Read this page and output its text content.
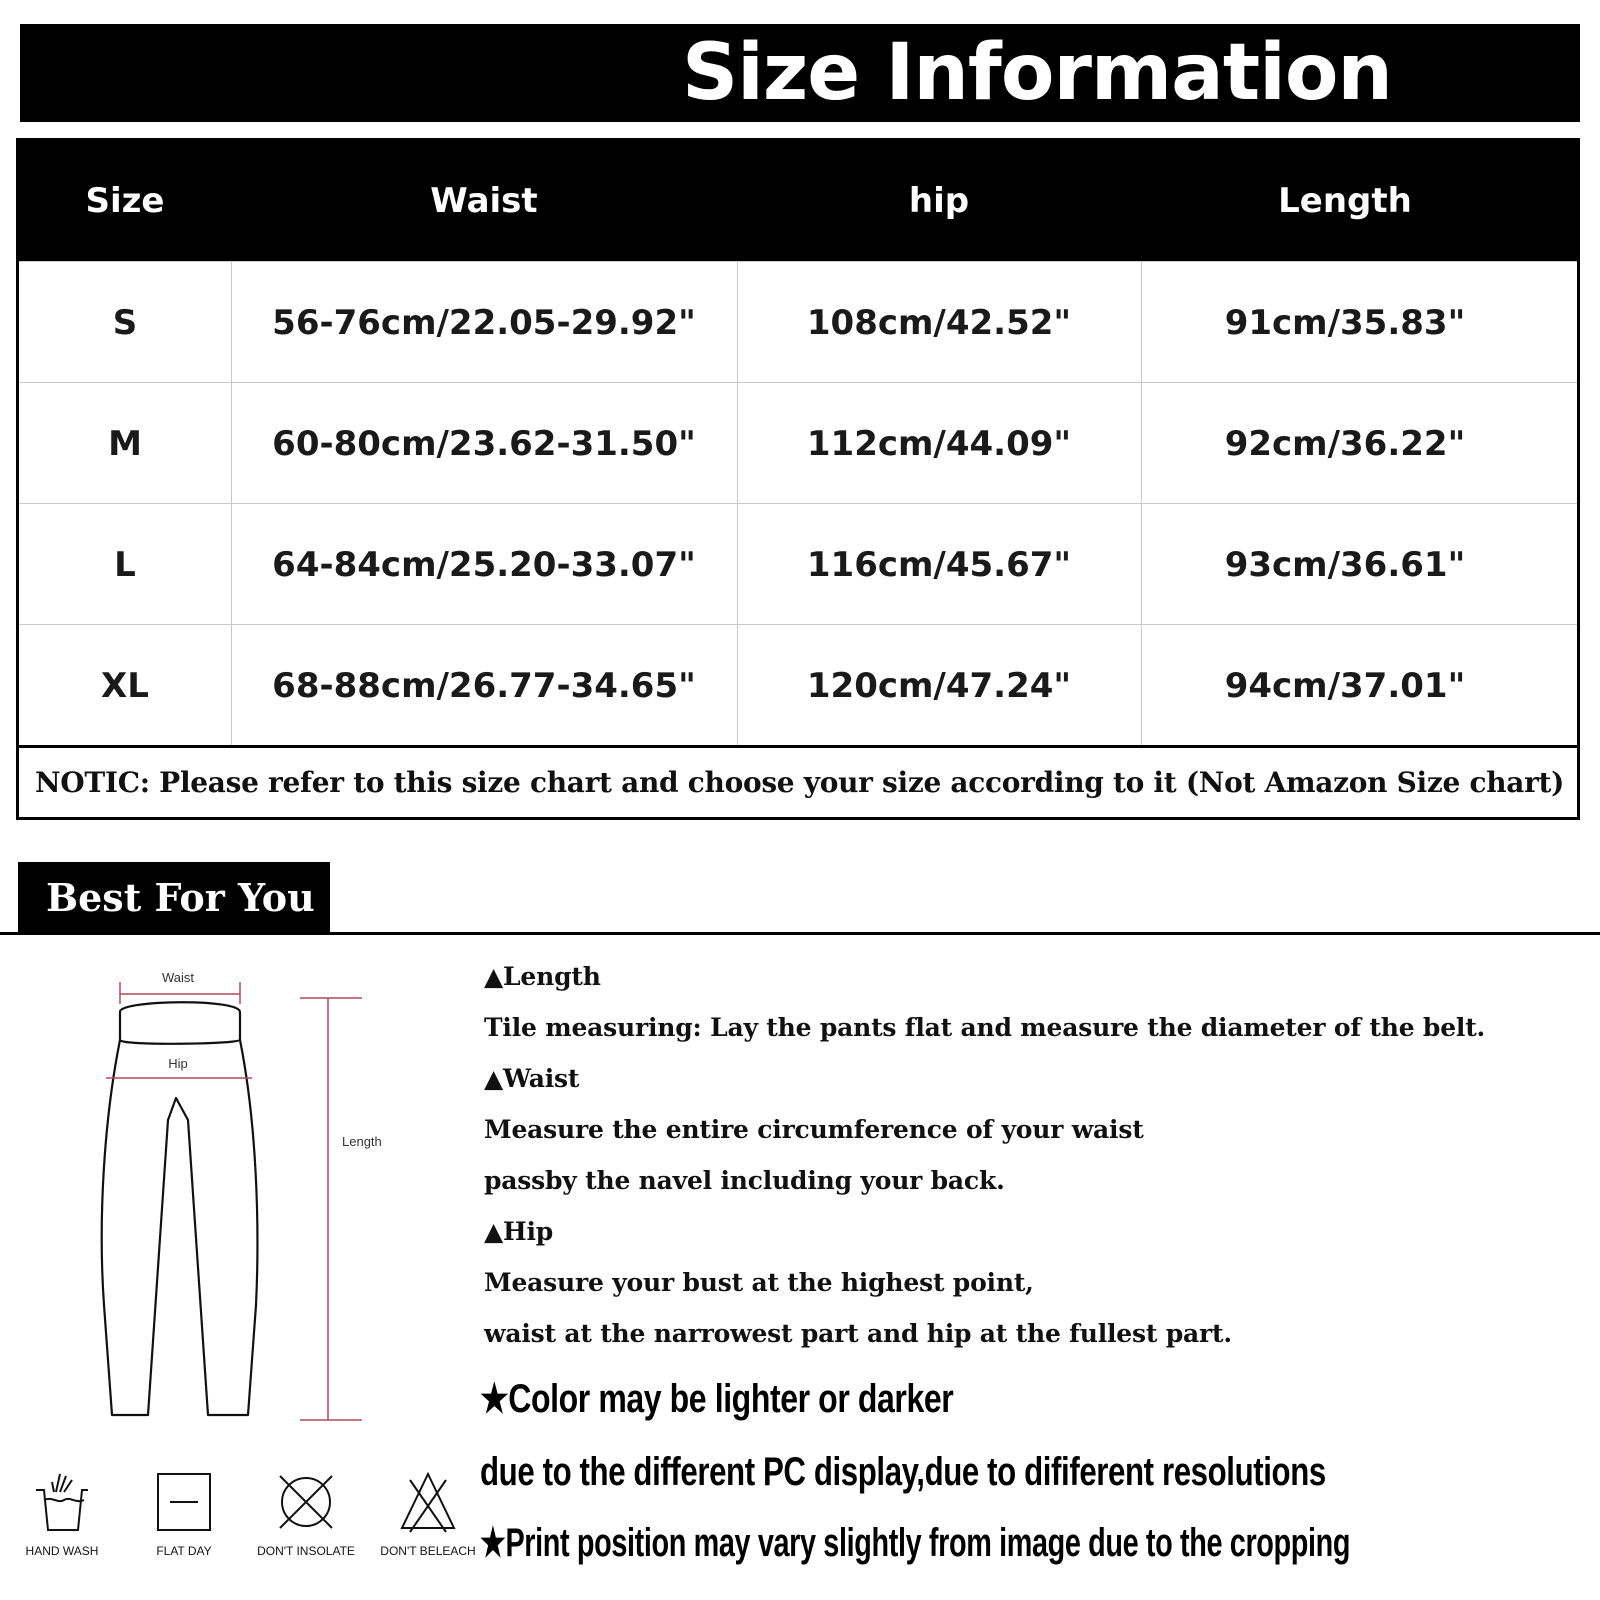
Size Information
Size	Waist	hip	Length
S	56-76cm/22.05-29.92"	108cm/42.52"	91cm/35.83"
M	60-80cm/23.62-31.50"	112cm/44.09"	92cm/36.22"
L	64-84cm/25.20-33.07"	116cm/45.67"	93cm/36.61"
XL	68-88cm/26.77-34.65"	120cm/47.24"	94cm/37.01"
NOTIC: Please refer to this size chart and choose your size according to it (Not Amazon Size chart)
Best For You
Waist
Hip
Length
HAND WASH	FLAT DAY	DON'T INSOLATE DON'T BELEACH
▲Length
Tile measuring: Lay the pants flat and measure the diameter of the belt.
▲Waist
Measure the entire circumference of your waist
passby the navel including your back.
▲Hip
Measure your bust at the highest point,
waist at the narrowest part and hip at the fullest part.
★Color may be lighter or darker
due to the different PC display,due to dififerent resolutions
★Print position may vary slightly from image due to the cropping
